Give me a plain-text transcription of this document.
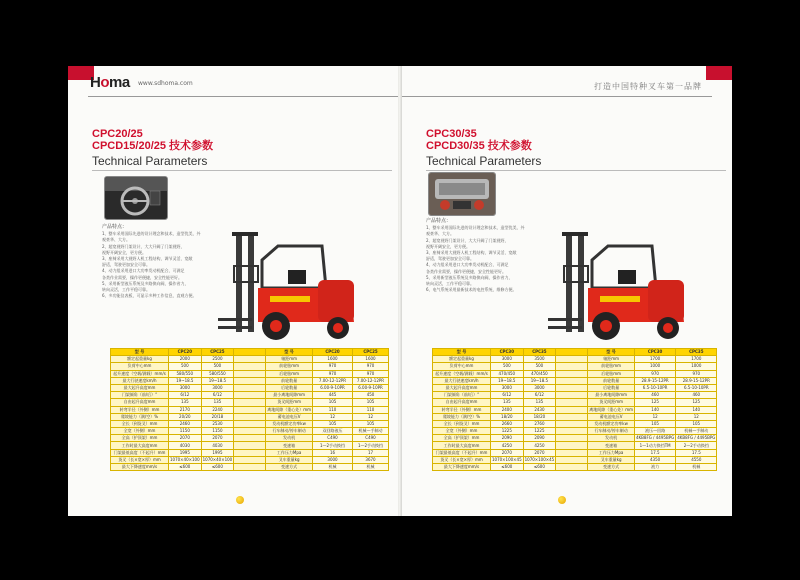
Homa www.sdhoma.com
CPC20/25
CPCD15/20/25 技术参数
Technical Parameters
产品特点：
1、整车采用国际先进的设计理念和技术，造型优美，外
观豪华、大方。
2、超宽视野门架设计，大大开阔了门架视野，
视野开阔安全，更方便。
3、座椅采用大视野人机工程结构，调节灵活，宽敞
舒适，驾驶更加安全可靠。
4、动力组采用进口大功率发动机配合，可满足
各类作业需要，操作更便捷，安全性能更好。
5、采用新型液压系统及多路换向阀，操作省力，
转向灵活，工作平稳可靠。
6、多功能仪表板，可显示多种工作信息，直观方便。
型 号	CPC20	CPC25		型 号	CPC20	CPC25
额定起重量kg	2000	2500		轴距mm	1600	1600
负荷中心mm	500	500		前轮胎mm	970	970
起升速度（空载/满载）mm/s	580/550	580/550		后轮胎mm	970	970
最大行驶速度km/h	19~18.5	19~18.5		前轮数量	7.00-12-12PR	7.00-12-12PR
最大起升高度mm	3000	3000		后轮数量	6.00-9-10PR	6.00-9-10PR
门架倾角（前/后）°	6/12	6/12		最小离地间隙mm	445	450
自由起升高度mm	135	135		货叉间距mm	105	105
转弯半径（外侧）mm	2170	2240		离地间隙（重心处）mm	110	110
爬坡能力（满/空）%	20/20	20/18		蓄电池电压V	12	12
全长（到货叉）mm	2460	2530		发动机额定功率kw	105	105
全宽（外侧）mm	1150	1150		行车制动/停车制动	双回路液压	机械—手制动
全高（护顶架）mm	2070	2070		发动机	C490	C490
工作时最大高度mm	4030	4030		变速箱	1—2手动换挡	1—2手动换挡
门架最低高度（不起升）mm	1995	1995		工作压力Mpa	16	17
货叉（长×宽×厚）mm	1070×40×100	1070×40×100		叉车重量kg	3000	3670
最大下降速度mm/s	≤600	≤600		变速方式	机械	机械
打造中国特种叉车第一品牌
CPC30/35
CPCD30/35 技术参数
Technical Parameters
产品特点：
1、整车采用国际先进的设计理念和技术，造型优美，外
观豪华、大方。
2、超宽视野门架设计，大大开阔了门架视野，
视野开阔安全，更方便。
3、座椅采用大视野人机工程结构，调节灵活，宽敞
舒适，驾驶更加安全可靠。
4、动力组采用进口大功率发动机配合，可满足
各类作业需要，操作更便捷，安全性能更好。
5、采用新型液压系统及多路换向阀，操作省力，
转向灵活，工作平稳可靠。
6、电气系统采用最新技术的电控系统，维修方便。
型 号	CPC30	CPC35		型 号	CPC30	CPC35
额定起重量kg	3000	3500		轴距mm	1700	1700
负荷中心mm	500	500		前轮胎mm	1000	1000
起升速度（空载/满载）mm/s	470/450	470/450		后轮胎mm	970	970
最大行驶速度km/h	19~18.5	19~18.5		前轮数量	28.9-15-12PR	28.9-15-12PR
最大起升高度mm	3000	3000		后轮数量	6.5-10-10PR	6.5-10-10PR
门架倾角（前/后）°	6/12	6/12		最小离地间隙mm	460	460
自由起升高度mm	135	135		货叉间距mm	125	125
转弯半径（外侧）mm	2400	2430		离地间隙（重心处）mm	140	140
爬坡能力（满/空）%	18/20	18/20		蓄电池电压V	12	12
全长（到货叉）mm	2660	2760		发动机额定功率kw	105	105
全宽（外侧）mm	1225	1225		行车制动/停车制动	液压—回路	机械—手制动
全高（护顶架）mm	2090	2090		发动机	4KB8FG / 4495BPG	4KB8FG / 4495BPG
工作时最大高度mm	4250	4250		变速箱	1—1动力换挡TM	2—2手动换挡
门架最低高度（不起升）mm	2070	2070		工作压力Mpa	17.5	17.5
货叉（长×宽×厚）mm	1070×100×45	1070×100×45		叉车重量kg	4350	4550
最大下降速度mm/s	≤600	≤600		变速方式	液力	机械
